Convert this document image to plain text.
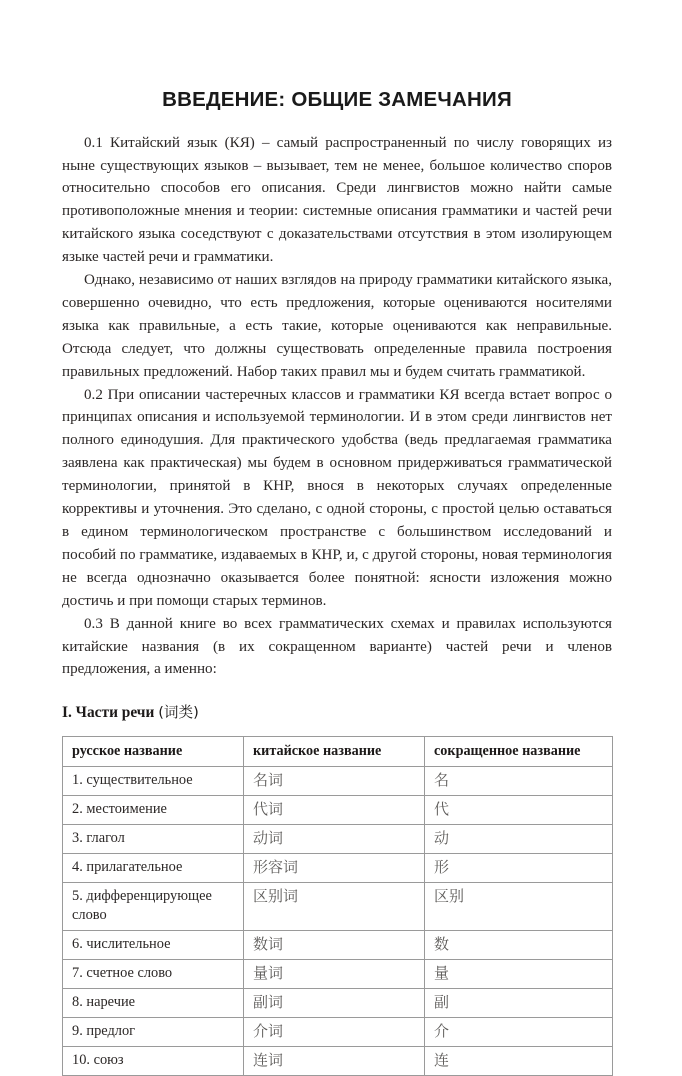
ВВЕДЕНИЕ: ОБЩИЕ ЗАМЕЧАНИЯ

0.1 Китайский язык (КЯ) – самый распространенный по числу говорящих из ныне существующих языков – вызывает, тем не менее, большое количество споров относительно способов его описания. Среди лингвистов можно найти самые противоположные мнения и теории: системные описания грамматики и частей речи китайского языка соседствуют с доказательствами отсутствия в этом изолирующем языке частей речи и грамматики.

Однако, независимо от наших взглядов на природу грамматики китайского языка, совершенно очевидно, что есть предложения, которые оцениваются носителями языка как правильные, а есть такие, которые оцениваются как неправильные. Отсюда следует, что должны существовать определенные правила построения правильных предложений. Набор таких правил мы и будем считать грамматикой.

0.2 При описании частеречных классов и грамматики КЯ всегда встает вопрос о принципах описания и используемой терминологии. И в этом среди лингвистов нет полного единодушия. Для практического удобства (ведь предлагаемая грамматика заявлена как практическая) мы будем в основном придерживаться грамматической терминологии, принятой в КНР, внося в некоторых случаях определенные коррективы и уточнения. Это сделано, с одной стороны, с простой целью оставаться в едином терминологическом пространстве с большинством исследований и пособий по грамматике, издаваемых в КНР, и, с другой стороны, новая терминология не всегда однозначно оказывается более понятной: ясности изложения можно достичь и при помощи старых терминов.

0.3 В данной книге во всех грамматических схемах и правилах используются китайские названия (в их сокращенном варианте) частей речи и членов предложения, а именно:

I. Части речи (词类)
русское название	китайское название	сокращенное название
1. существительное	名词	名
2. местоимение	代词	代
3. глагол	动词	动
4. прилагательное	形容词	形
5. дифференцирующее слово	区别词	区别
6. числительное	数词	数
7. счетное слово	量词	量
8. наречие	副词	副
9. предлог	介词	介
10. союз	连词	连
